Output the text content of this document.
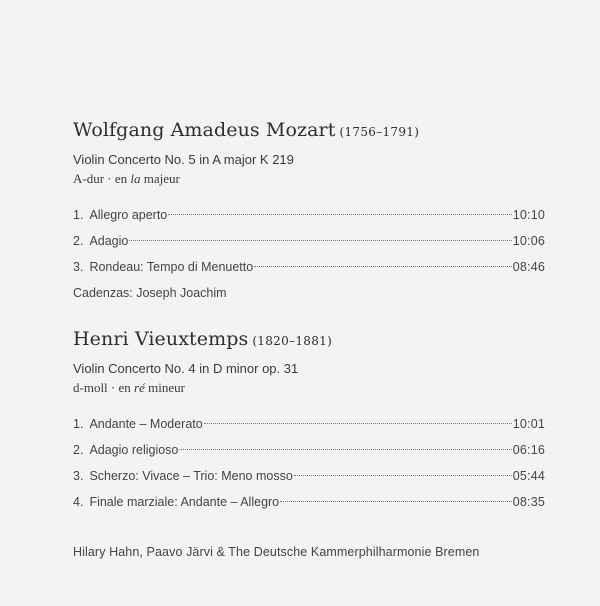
Wolfgang Amadeus Mozart (1756–1791)
Violin Concerto No. 5 in A major K 219
A-dur · en la majeur
1. Allegro aperto	10:10
2. Adagio	10:06
3. Rondeau: Tempo di Menuetto	08:46
Cadenzas: Joseph Joachim
Henri Vieuxtemps (1820–1881)
Violin Concerto No. 4 in D minor op. 31
d-moll · en ré mineur
1. Andante – Moderato	10:01
2. Adagio religioso	06:16
3. Scherzo: Vivace – Trio: Meno mosso	05:44
4. Finale marziale: Andante – Allegro	08:35
Hilary Hahn, Paavo Järvi & The Deutsche Kammerphilharmonie Bremen
